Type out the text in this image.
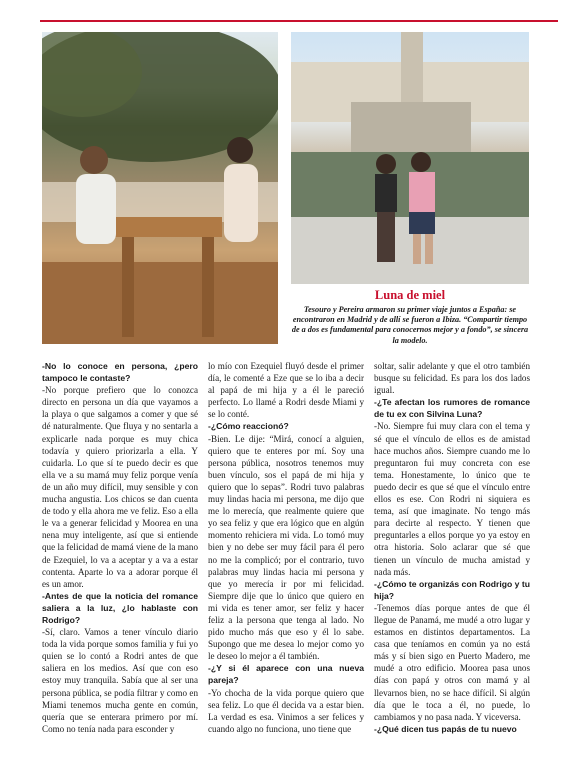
Luna de miel
Tesouro y Pereira armaron su primer viaje juntos a España: se encontraron en Madrid y de allí se fueron a Ibiza. “Compartir tiempo de a dos es fundamental para conocernos mejor y a fondo”, se sincera la modelo.

-No lo conoce en persona, ¿pero tampoco le contaste?

-No porque prefiero que lo conozca directo en persona un día que vayamos a la playa o que salgamos a comer y que sé dé naturalmente. Que fluya y no sentarla a explicarle nada porque es muy chica todavía y quiero priorizarla a ella. Y cuidarla. Lo que sí te puedo decir es que ella ve a su mamá muy feliz porque venía de un año muy difícil, muy sensible y con mucha angustia. Los chicos se dan cuenta de todo y ella ahora me ve feliz. Eso a ella le va a generar felicidad y Moorea en una nena muy inteligente, así que si entiende que la felicidad de mamá viene de la mano de Ezequiel, lo va a aceptar y a va a estar contenta. Aparte lo va a adorar porque él es un amor.

-Antes de que la noticia del romance saliera a la luz, ¿lo hablaste con Rodrigo?

-Sí, claro. Vamos a tener vínculo diario toda la vida porque somos familia y fui yo quien se lo contó a Rodri antes de que saliera en los medios. Así que con eso estoy muy tranquila. Sabía que al ser una persona pública, se podía filtrar y como en Miami tenemos mucha gente en común, quería que se enterara primero por mí. Como no tenía nada para esconder y

lo mío con Ezequiel fluyó desde el primer día, le comenté a Eze que se lo iba a decir al papá de mi hija y a él le pareció perfecto. Lo llamé a Rodri desde Miami y se lo conté.

-¿Cómo reaccionó?

-Bien. Le dije: “Mirá, conocí a alguien, quiero que te enteres por mí. Soy una persona pública, nosotros tenemos muy buen vínculo, sos el papá de mi hija y quiero que lo sepas”. Rodri tuvo palabras muy lindas hacia mi persona, me dijo que me lo merecía, que realmente quiere que yo sea feliz y que era lógico que en algún momento rehiciera mi vida. Lo tomó muy bien y no debe ser muy fácil para él pero no me la complicó; por el contrario, tuvo palabras muy lindas hacia mi persona y que yo merecía ir por mi felicidad. Siempre dije que lo único que quiero en mi vida es tener amor, ser feliz y hacer feliz a la persona que tenga al lado. No pido mucho más que eso y él lo sabe. Supongo que me desea lo mejor como yo le deseo lo mejor a él también.

-¿Y si él aparece con una nueva pareja?

-Yo chocha de la vida porque quiero que sea feliz. Lo que él decida va a estar bien. La verdad es esa. Vinimos a ser felices y cuando algo no funciona, uno tiene que

soltar, salir adelante y que el otro también busque su felicidad. Es para los dos lados igual.

-¿Te afectan los rumores de romance de tu ex con Silvina Luna?

-No. Siempre fui muy clara con el tema y sé que el vínculo de ellos es de amistad hace muchos años. Siempre cuando me lo preguntaron fui muy concreta con ese tema. Honestamente, lo único que te puedo decir es que sé que el vínculo entre ellos es ese. Con Rodri ni siquiera es tema, así que imaginate. No tengo más para decirte al respecto. Y tienen que preguntarles a ellos porque yo ya estoy en otra historia. Solo aclarar que sé que tienen un vínculo de mucha amistad y nada más.

-¿Cómo te organizás con Rodrigo y tu hija?

-Tenemos días porque antes de que él llegue de Panamá, me mudé a otro lugar y estamos en distintos departamentos. La casa que teníamos en común ya no está más y sí bien sigo en Puerto Madero, me mudé a otro edificio. Moorea pasa unos días con papá y otros con mamá y al llevarnos bien, no se hace difícil. Si algún día que le toca a él, no puede, lo cambiamos y no pasa nada. Y viceversa.

-¿Qué dicen tus papás de tu nuevo
